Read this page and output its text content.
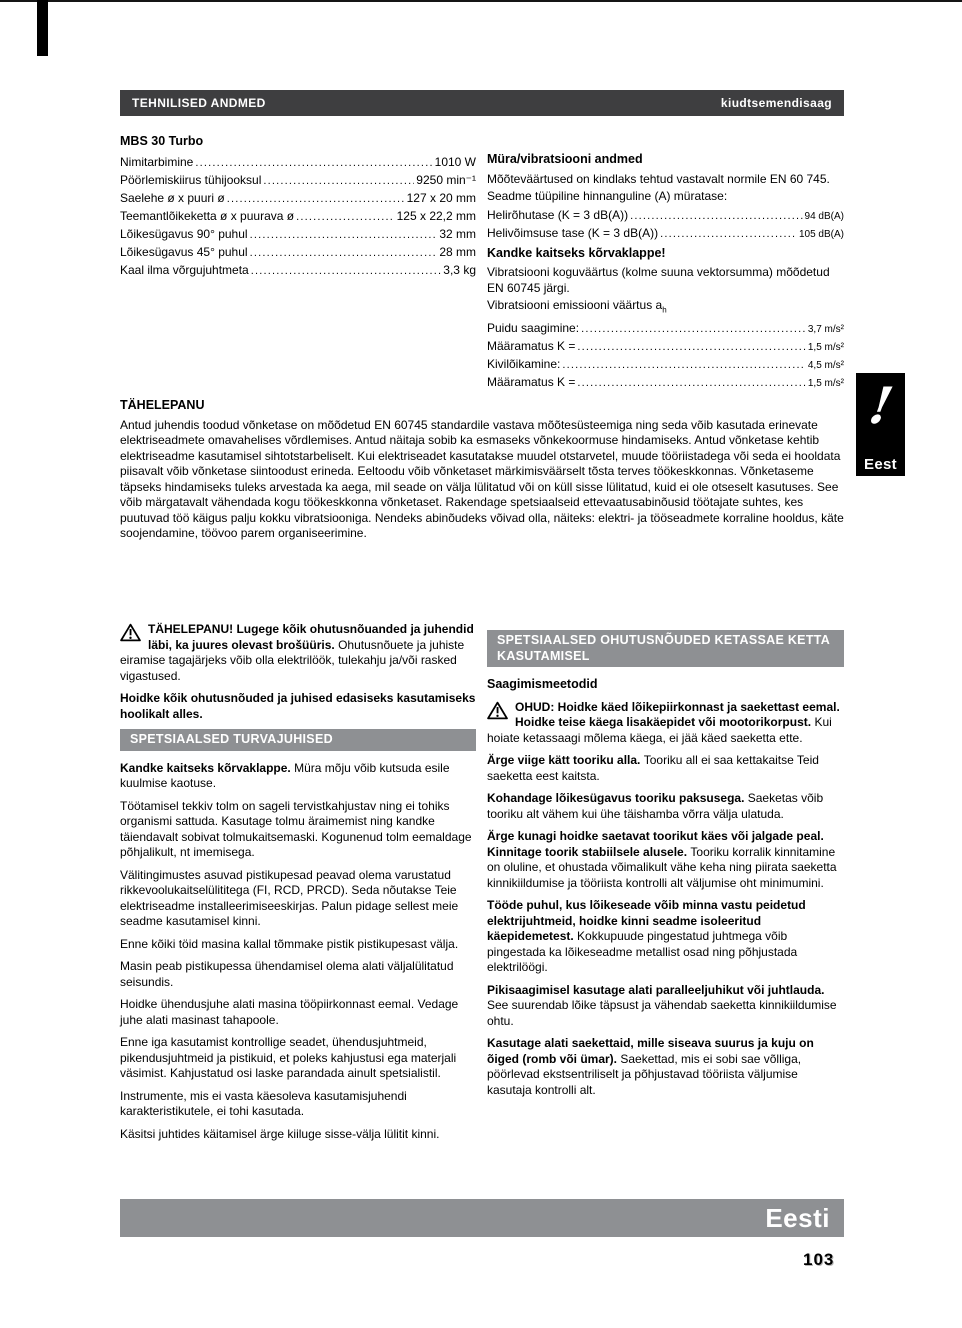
TEHNILISED ANDMED	kiudtsemendisaag
MBS 30 Turbo
Nimitarbimine .....	1010 W
Pöörlemiskiirus tühijooksul .....	9250 min⁻¹
Saelehe ø x puuri ø .....	127 x 20 mm
Teemantlõikeketta ø x puurava ø .....	125 x 22,2 mm
Lõikesügavus 90° puhul .....	32 mm
Lõikesügavus 45° puhul .....	28 mm
Kaal ilma võrgujuhtmeta .....	3,3 kg
Müra/vibratsiooni andmed
Mõõteväärtused on kindlaks tehtud vastavalt normile EN 60 745.
Seadme tüüpiline hinnanguline (A) müratase:
Helirõhutase (K = 3 dB(A)) .....	94 dB(A)
Helivõimsuse tase (K = 3 dB(A)) .....	105 dB(A)
Kandke kaitseks kõrvaklappe!
Vibratsiooni koguväärtus (kolme suuna vektorsumma) mõõdetud EN 60745 järgi.
Vibratsiooni emissiooni väärtus $a_h$
Puidu saagimine: .....	3,7 m/s²
Määramatus K = .....	1,5 m/s²
Kivilõikamine: .....	4,5 m/s²
Määramatus K = .....	1,5 m/s²
TÄHELEPANU
Antud juhendis toodud võnketase on mõõdetud EN 60745 standardile vastava mõõtesüsteemiga ning seda võib kasutada erinevate elektriseadmete omavahelises võrdlemises. Antud näitaja sobib ka esmaseks võnkekoormuse hindamiseks. Antud võnketase kehtib elektriseadme kasutamisel sihtotstarbeliselt. Kui elektriseadet kasutatakse muudel otstarvetel, muude tööriistadega või seda ei hooldata piisavalt võib võnketase siintoodust erineda. Eeltoodu võib võnketaset märkimisväärselt tõsta terves töökeskkonnas. Võnketaseme täpseks hindamiseks tuleks arvestada ka aega, mil seade on välja lülitatud või on küll sisse lülitatud, kuid ei ole otseselt kasutuses. See võib märgatavalt vähendada kogu töökeskkonna võnketaset. Rakendage spetsiaalseid ettevaatusabinõusid töötajate suhtes, kes puutuvad töö käigus palju kokku vibratsiooniga. Nendeks abinõudeks võivad olla, näiteks: elektri- ja tööseadmete korraline hooldus, käte soojendamine, töövoo parem organiseerimine.
!
Eest

TÄHELEPANU! Lugege kõik ohutusnõuanded ja juhendid läbi, ka juures olevast brošüüris. Ohutusnõuete ja juhiste eiramise tagajärjeks võib olla elektrilöök, tulekahju ja/või rasked vigastused.

Hoidke kõik ohutusnõuded ja juhised edasiseks kasutamiseks hoolikalt alles.

SPETSIAALSED TURVAJUHISED

Kandke kaitseks kõrvaklappe. Müra mõju võib kutsuda esile kuulmise kaotuse.

Töötamisel tekkiv tolm on sageli tervistkahjustav ning ei tohiks organismi sattuda. Kasutage tolmu äraimemist ning kandke täiendavalt sobivat tolmukaitsemaski. Kogunenud tolm eemaldage põhjalikult, nt imemisega.

Välitingimustes asuvad pistikupesad peavad olema varustatud rikkevoolukaitselülititega (FI, RCD, PRCD). Seda nõutakse Teie elektriseadme installeerimiseeskirjas. Palun pidage sellest meie seadme kasutamisel kinni.

Enne kõiki töid masina kallal tõmmake pistik pistikupesast välja.

Masin peab pistikupessa ühendamisel olema alati väljalülitatud seisundis.

Hoidke ühendusjuhe alati masina tööpiirkonnast eemal. Vedage juhe alati masinast tahapoole.

Enne iga kasutamist kontrollige seadet, ühendusjuhtmeid, pikendusjuhtmeid ja pistikuid, et poleks kahjustusi ega materjali väsimist. Kahjustatud osi laske parandada ainult spetsialistil.

Instrumente, mis ei vasta käesoleva kasutamisjuhendi karakteristikutele, ei tohi kasutada.

Käsitsi juhtides käitamisel ärge kiiluge sisse-välja lülitit kinni.

SPETSIAALSED OHUTUSNÕUDED KETASSAE KETTA KASUTAMISEL

Saagimismeetodid

OHUD: Hoidke käed lõikepiirkonnast ja saekettast eemal. Hoidke teise käega lisakäepidet või mootorikorpust. Kui hoiate ketassaagi mõlema käega, ei jää käed saeketta ette.

Ärge viige kätt tooriku alla. Tooriku all ei saa kettakaitse Teid saeketta eest kaitsta.

Kohandage lõikesügavus tooriku paksusega. Saeketas võib tooriku alt vähem kui ühe täishamba võrra välja ulatuda.

Ärge kunagi hoidke saetavat toorikut käes või jalgade peal. Kinnitage toorik stabiilsele alusele. Tooriku korralik kinnitamine on oluline, et ohustada võimalikult vähe keha ning piirata saeketta kinnikiildumise ja tööriista kontrolli alt väljumise oht minimumini.

Tööde puhul, kus lõikeseade võib minna vastu peidetud elektrijuhtmeid, hoidke kinni seadme isoleeritud käepidemetest. Kokkupuude pingestatud juhtmega võib pingestada ka lõikeseadme metallist osad ning põhjustada elektrilöögi.

Pikisaagimisel kasutage alati paralleeljuhikut või juhtlauda. See suurendab lõike täpsust ja vähendab saeketta kinnikiildumise ohtu.

Kasutage alati saekettaid, mille siseava suurus ja kuju on õiged (romb või ümar). Saekettad, mis ei sobi sae võlliga, pöörlevad ekstsentriliselt ja põhjustavad tööriista väljumise kasutaja kontrolli alt.

Eesti
103
